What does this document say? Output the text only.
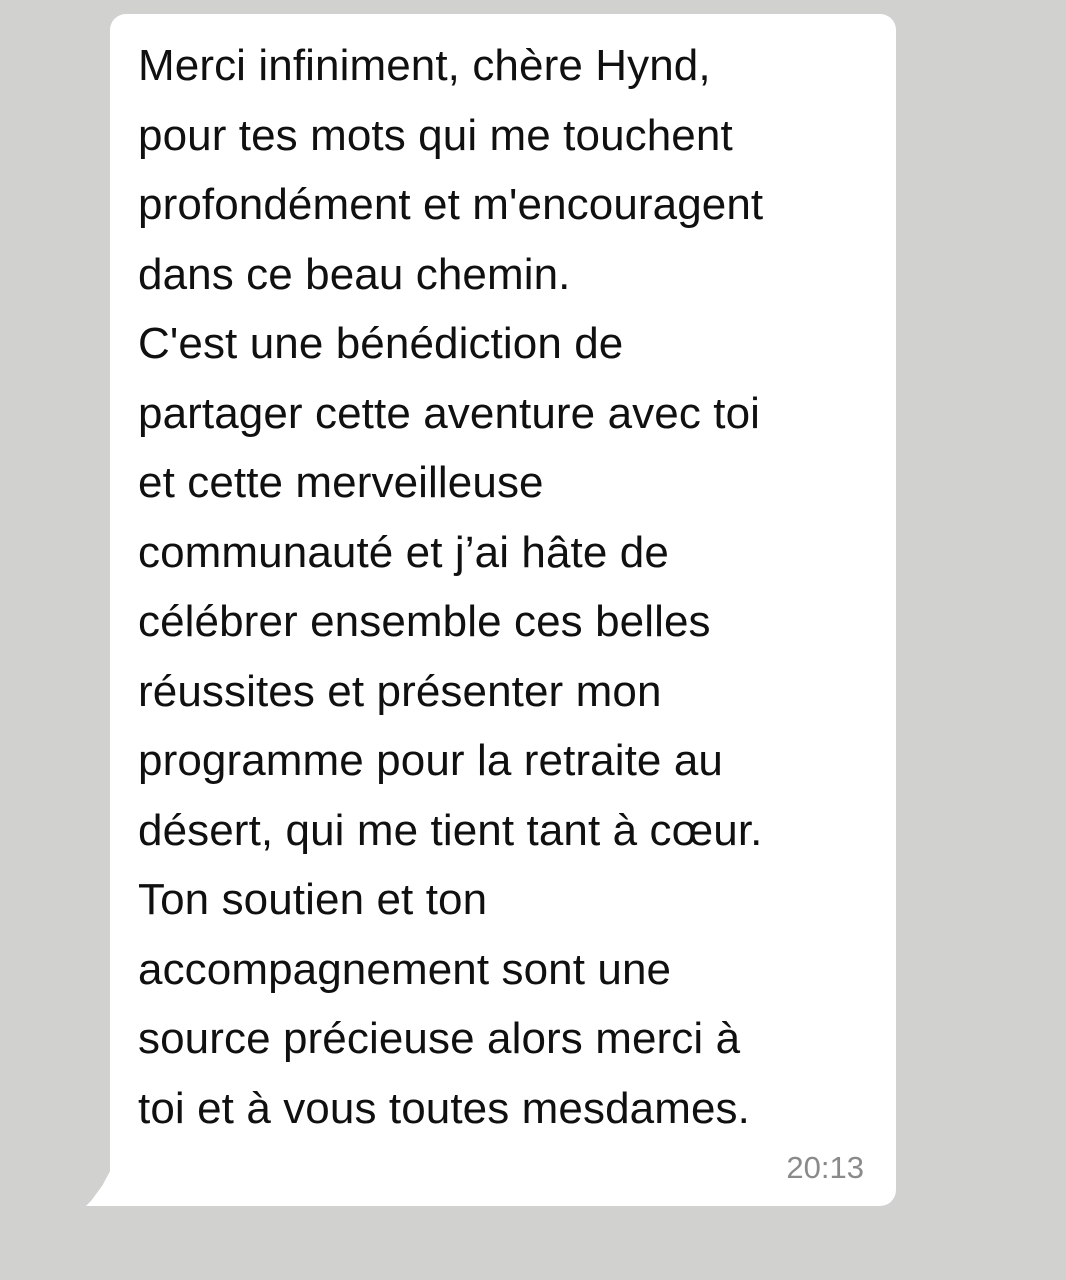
Merci infiniment, chère Hynd,
pour tes mots qui me touchent
profondément et m'encouragent
dans ce beau chemin.
C'est une bénédiction de
partager cette aventure avec toi
et cette merveilleuse
communauté et j’ai hâte de
célébrer ensemble ces belles
réussites et présenter mon
programme pour la retraite au
désert, qui me tient tant à cœur.
Ton soutien et ton
accompagnement sont une
source précieuse alors merci à
toi et à vous toutes mesdames.

20:13
